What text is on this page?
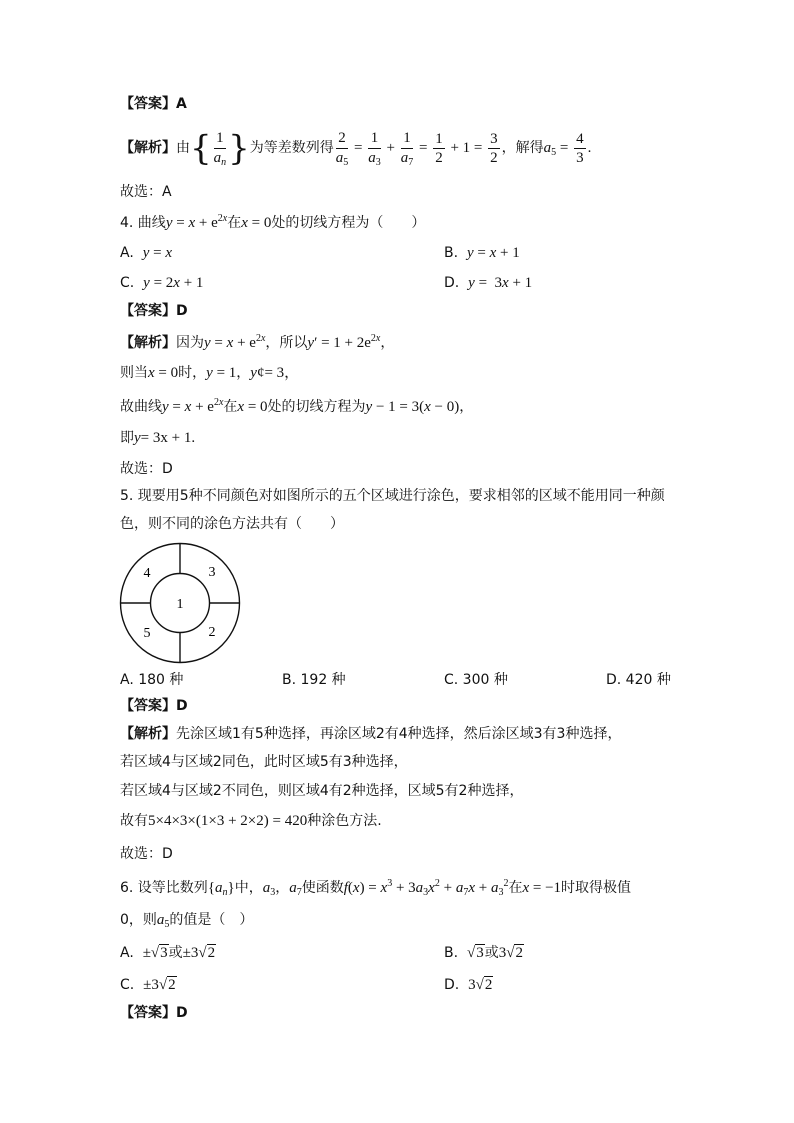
【答案】A
【解析】由{ $\frac{1}{a_n}$ }为等差数列得 $\frac{2}{a_5} = \frac{1}{a_3} + \frac{1}{a_7} = \frac{1}{2} + 1 = \frac{3}{2}$ ，解得$a_5 = \frac{4}{3}$ .
故选：A
4. 曲线$y = x + e^{2x}$在x = 0处的切线方程为（　　）
A. y = x	B. y = x + 1
C. y = 2x + 1	D. y =  3x + 1
【答案】D
【解析】因为$y = x + e^{2x}$，所以$y' = 1 + 2e^{2x}$，
则当x = 0时，y = 1，y¢= 3，
故曲线$y = x + e^{2x}$在x = 0处的切线方程为y − 1 = 3(x − 0)，
即y= 3x + 1.
故选：D
5. 现要用5种不同颜色对如图所示的五个区域进行涂色，要求相邻的区域不能用同一种颜
色，则不同的涂色方法共有（　　）
1
2
3
4
5
A. 180 种	B. 192 种	C. 300 种	D. 420 种
【答案】D
【解析】先涂区域1有5种选择，再涂区域2有4种选择，然后涂区域3有3种选择，
若区域4与区域2同色，此时区域5有3种选择，
若区域4与区域2不同色，则区域4有2种选择，区域5有2种选择，
故有5×4×3×(1×3 + 2×2) = 420种涂色方法.
故选：D
6. 设等比数列$\{a_n\}$中，$a_3$，$a_7$使函数$f(x) = x^3 + 3a_3x^2 + a_7x + a_3^2$在x = −1时取得极值
0，则$a_5$的值是（　）
A. ±√3或±3√2	B. √3或3√2
C. ±3√2	D. 3√2
【答案】D
